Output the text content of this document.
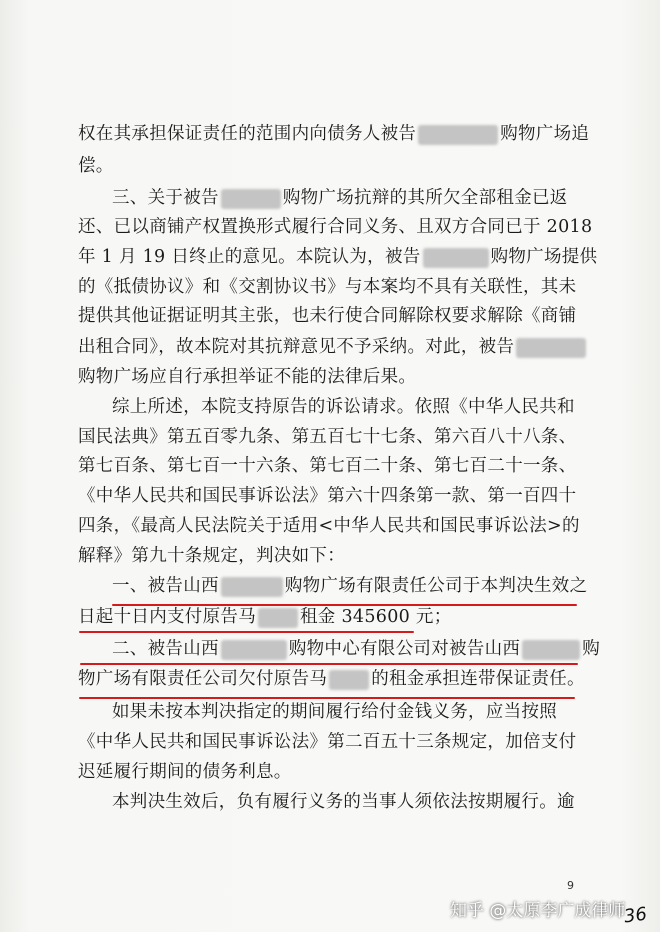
权在其承担保证责任的范围内向债务人被告	购物广场追
偿。
三、关于被告	购物广场抗辩的其所欠全部租金已返
还、已以商铺产权置换形式履行合同义务、且双方合同已于 2018
年 1 月 19 日终止的意见。本院认为，被告	购物广场提供
的《抵债协议》和《交割协议书》与本案均不具有关联性，其未
提供其他证据证明其主张，也未行使合同解除权要求解除《商铺
出租合同》，故本院对其抗辩意见不予采纳。对此，被告
购物广场应自行承担举证不能的法律后果。
综上所述，本院支持原告的诉讼请求。依照《中华人民共和
国民法典》第五百零九条、第五百七十七条、第六百八十八条、
第七百条、第七百一十六条、第七百二十条、第七百二十一条、
《中华人民共和国民事诉讼法》第六十四条第一款、第一百四十
四条，《最高人民法院关于适用<中华人民共和国民事诉讼法>的
解释》第九十条规定，判决如下：
一、被告山西	购物广场有限责任公司于本判决生效之
日起十日内支付原告马	租金 345600 元；
二、被告山西	购物中心有限公司对被告山西	购
物广场有限责任公司欠付原告马	的租金承担连带保证责任。
如果未按本判决指定的期间履行给付金钱义务，应当按照
《中华人民共和国民事诉讼法》第二百五十三条规定，加倍支付
迟延履行期间的债务利息。
本判决生效后，负有履行义务的当事人须依法按期履行。逾
9
知乎 @太原李广成律师
36
